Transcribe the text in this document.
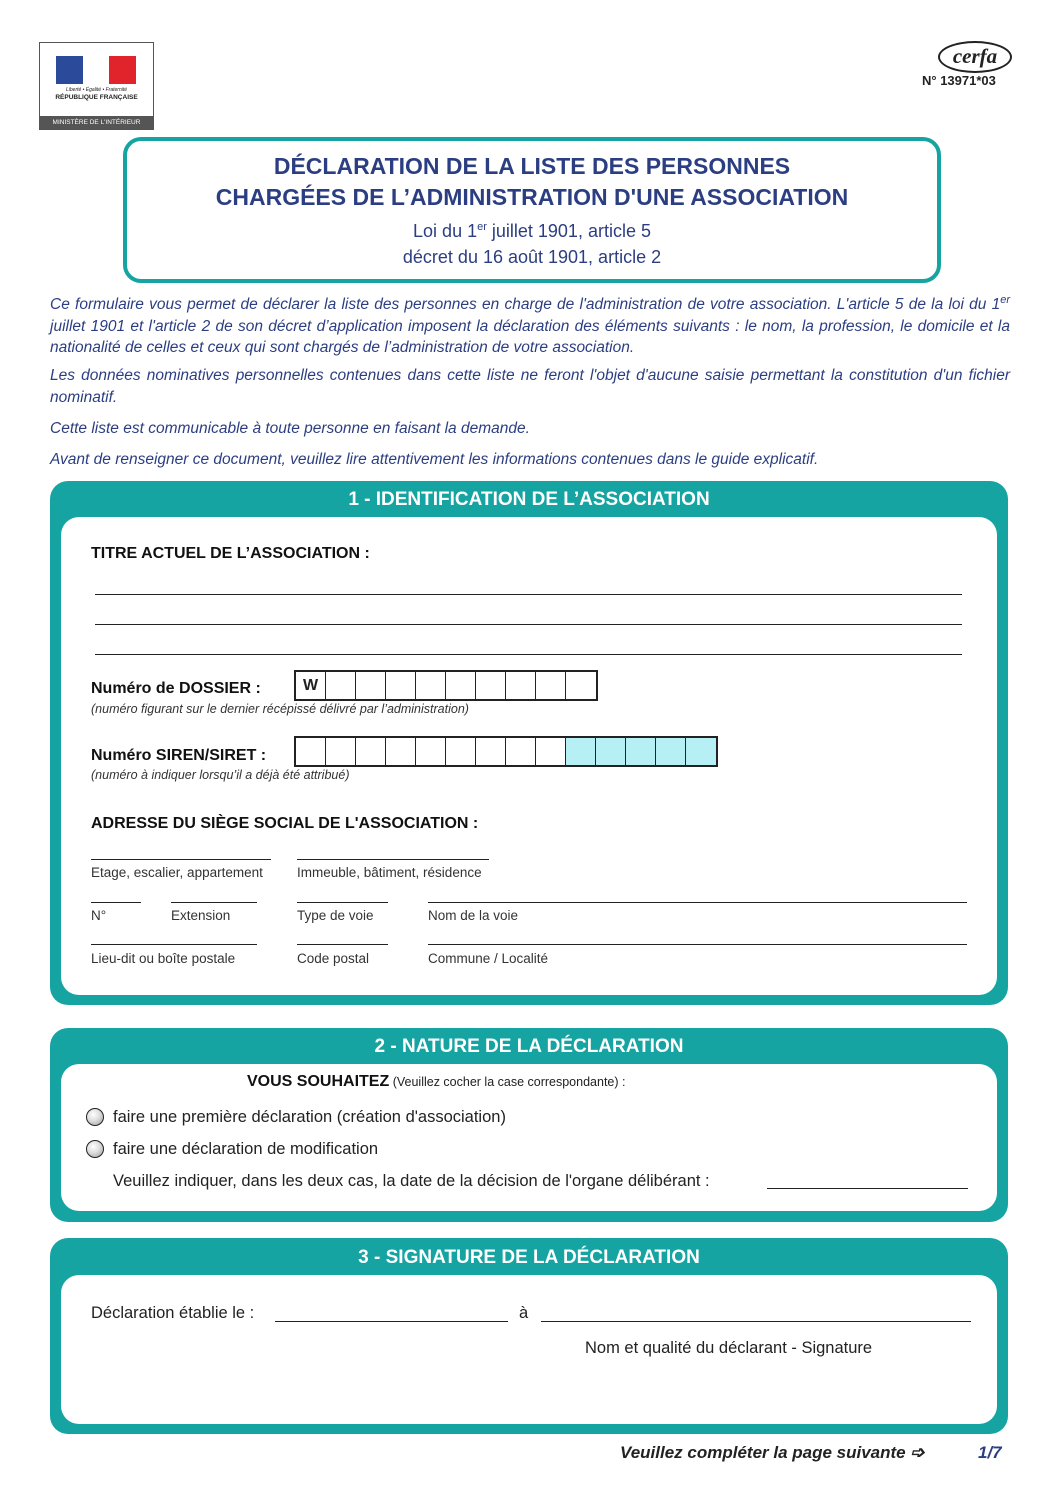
Liberté • Égalité • Fraternité
RÉPUBLIQUE FRANÇAISE
MINISTÈRE DE L'INTÉRIEUR
cerfa
N° 13971*03
DÉCLARATION DE LA LISTE DES PERSONNES
CHARGÉES DE L’ADMINISTRATION D'UNE ASSOCIATION
Loi du 1er juillet 1901, article 5
décret du 16 août 1901, article 2
Ce formulaire vous permet de déclarer la liste des personnes en charge de l'administration de votre association. L'article 5 de la loi du 1er juillet 1901 et l'article 2 de son décret d’application imposent la déclaration des éléments suivants : le nom, la profession, le domicile et la nationalité de celles et ceux qui sont chargés de l’administration de votre association.
Les données nominatives personnelles contenues dans cette liste ne feront l'objet d'aucune saisie permettant la constitution d'un fichier nominatif.
Cette liste est communicable à toute personne en faisant la demande.
Avant de renseigner ce document, veuillez lire attentivement les informations contenues dans le guide explicatif.
1 - IDENTIFICATION DE L’ASSOCIATION
TITRE ACTUEL DE L’ASSOCIATION :
Numéro de DOSSIER :	W
(numéro figurant sur le dernier récépissé délivré par l’administration)
Numéro SIREN/SIRET :
(numéro à indiquer lorsqu’il a déjà été attribué)
ADRESSE DU SIÈGE SOCIAL DE L'ASSOCIATION :
Etage, escalier, appartement	Immeuble, bâtiment, résidence
N°	Extension	Type de voie	Nom de la voie
Lieu-dit ou boîte postale	Code postal	Commune / Localité
2 - NATURE DE LA DÉCLARATION
VOUS SOUHAITEZ (Veuillez cocher la case correspondante) :
faire une première déclaration (création d'association)
faire une déclaration de modification
Veuillez indiquer, dans les deux cas, la date de la décision de l'organe délibérant :
3 - SIGNATURE DE LA DÉCLARATION
Déclaration établie le :	à
Nom et qualité du déclarant - Signature
Veuillez compléter la page suivante ➩	1/7
